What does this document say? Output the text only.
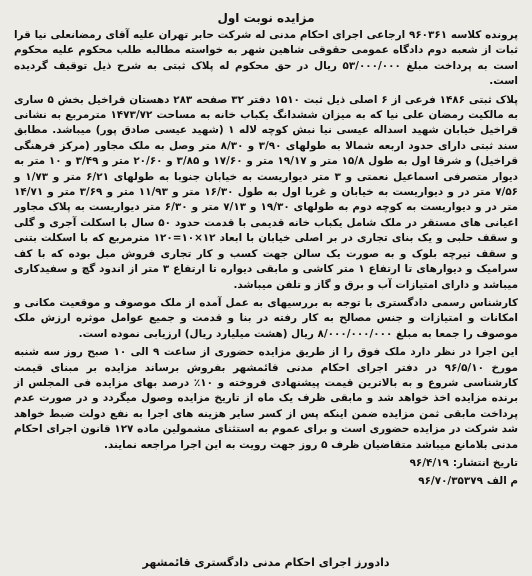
مزایده نوبت اول
پرونده کلاسه ۹۶۰۳۶۱ ارجاعی اجرای احکام مدنی له شرکت حابر تهران علیه آقای رمضانعلی نیا قرا ثبات از شعبه دوم دادگاه عمومی حقوقی شاهین شهر به خواسته مطالبه طلب محکوم علیه محکوم است به پرداخت مبلغ ۵۳/۰۰۰/۰۰۰ ریال در حق محکوم له پلاک ثبتی به شرح ذیل توقیف گردیده است.
پلاک ثبتی ۱۴۸۶ فرعی از ۶ اصلی ذیل ثبت ۱۵۱۰ دفتر ۳۲ صفحه ۲۸۳ دهستان قراخیل بخش ۵ ساری به مالکیت رمضان علی نیا که به میزان ششدانگ یکباب خانه به مساحت ۱۴۷۳/۷۲ مترمربع به نشانی قراخیل خیابان شهید اسداله عیسی نیا نبش کوچه لاله ۱ (شهید عیسی صادق پور) میباشد. مطابق سند ثبتی دارای حدود اربعه شمالا به طولهای ۳/۹۰ و ۸/۳۰ متر وصل به ملک مجاور (مرکز فرهنگی قراخیل) و شرقا اول به طول ۱۵/۸ متر و ۱۹/۱۷ متر و ۱۷/۶۰ و ۳/۸۵ و ۲۰/۶۰ متر و ۳/۴۹ و ۱۰ متر به دیوار متصرفی اسماعیل نعمتی و ۳ متر دیواریست به خیابان جنوبا به طولهای ۶/۲۱ متر و ۱/۷۳ و ۷/۵۶ متر در و دیواریست به خیابان و غربا اول به طول ۱۶/۳۰ متر و ۱۱/۹۳ متر و ۳/۶۹ متر و ۱۴/۷۱ متر در و دیواریست به کوچه دوم به طولهای ۱۹/۳۰ و ۷/۱۳ متر و ۶/۳۰ متر دیواریست به پلاک مجاور اعیانی های مستقر در ملک شامل یکباب خانه قدیمی با قدمت حدود ۵۰ سال با اسکلت آجری و گلی و سقف حلبی و یک بنای تجاری در بر اصلی خیابان با ابعاد ۱۲×۱۰=۱۲۰ مترمربع که با اسکلت بتنی و سقف تیرچه بلوک و به صورت یک سالن جهت کسب و کار تجاری فروش مبل بوده که با کف سرامیک و دیوارهای تا ارتفاع ۱ متر کاشی و مابقی دیواره تا ارتفاع ۳ متر از اندود گچ و سفیدکاری میباشد و دارای امتیازات آب و برق و گاز و تلفن میباشد.
کارشناس رسمی دادگستری با توجه به بررسیهای به عمل آمده از ملک موصوف و موقعیت مکانی و امکانات و امتیازات و جنس مصالح به کار رفته در بنا و قدمت و جمیع عوامل موثره ارزش ملک موصوف را جمعا به مبلغ ۸/۰۰۰/۰۰۰/۰۰۰ ریال (هشت میلیارد ریال) ارزیابی نموده است.
این اجرا در نظر دارد ملک فوق را از طریق مزایده حضوری از ساعت ۹ الی ۱۰ صبح روز سه شنبه مورخ ۹۶/۵/۱۰ در دفتر اجرای احکام مدنی قائمشهر بفروش برساند مزایده بر مبنای قیمت کارشناسی شروع و به بالاترین قیمت پیشنهادی فروخته و ۱۰٪ درصد بهای مزایده فی المجلس از برنده مزایده اخذ خواهد شد و مابقی ظرف یک ماه از تاریخ مزایده وصول میگردد و در صورت عدم پرداخت مابقی ثمن مزایده ضمن اینکه پس از کسر سایر هزینه های اجرا به نفع دولت ضبط خواهد شد شرکت در مزایده حضوری است و برای عموم به استثنای مشمولین ماده ۱۲۷ قانون اجرای احکام مدنی بلامانع میباشد متقاضیان ظرف ۵ روز جهت رویت به این اجرا مراجعه نمایند.
تاریخ انتشار:۹۶/۴/۱۹
م الف۹۶/۷۰/۳۵۳۷۹
دادورز اجرای احکام مدنی دادگستری قائمشهر
